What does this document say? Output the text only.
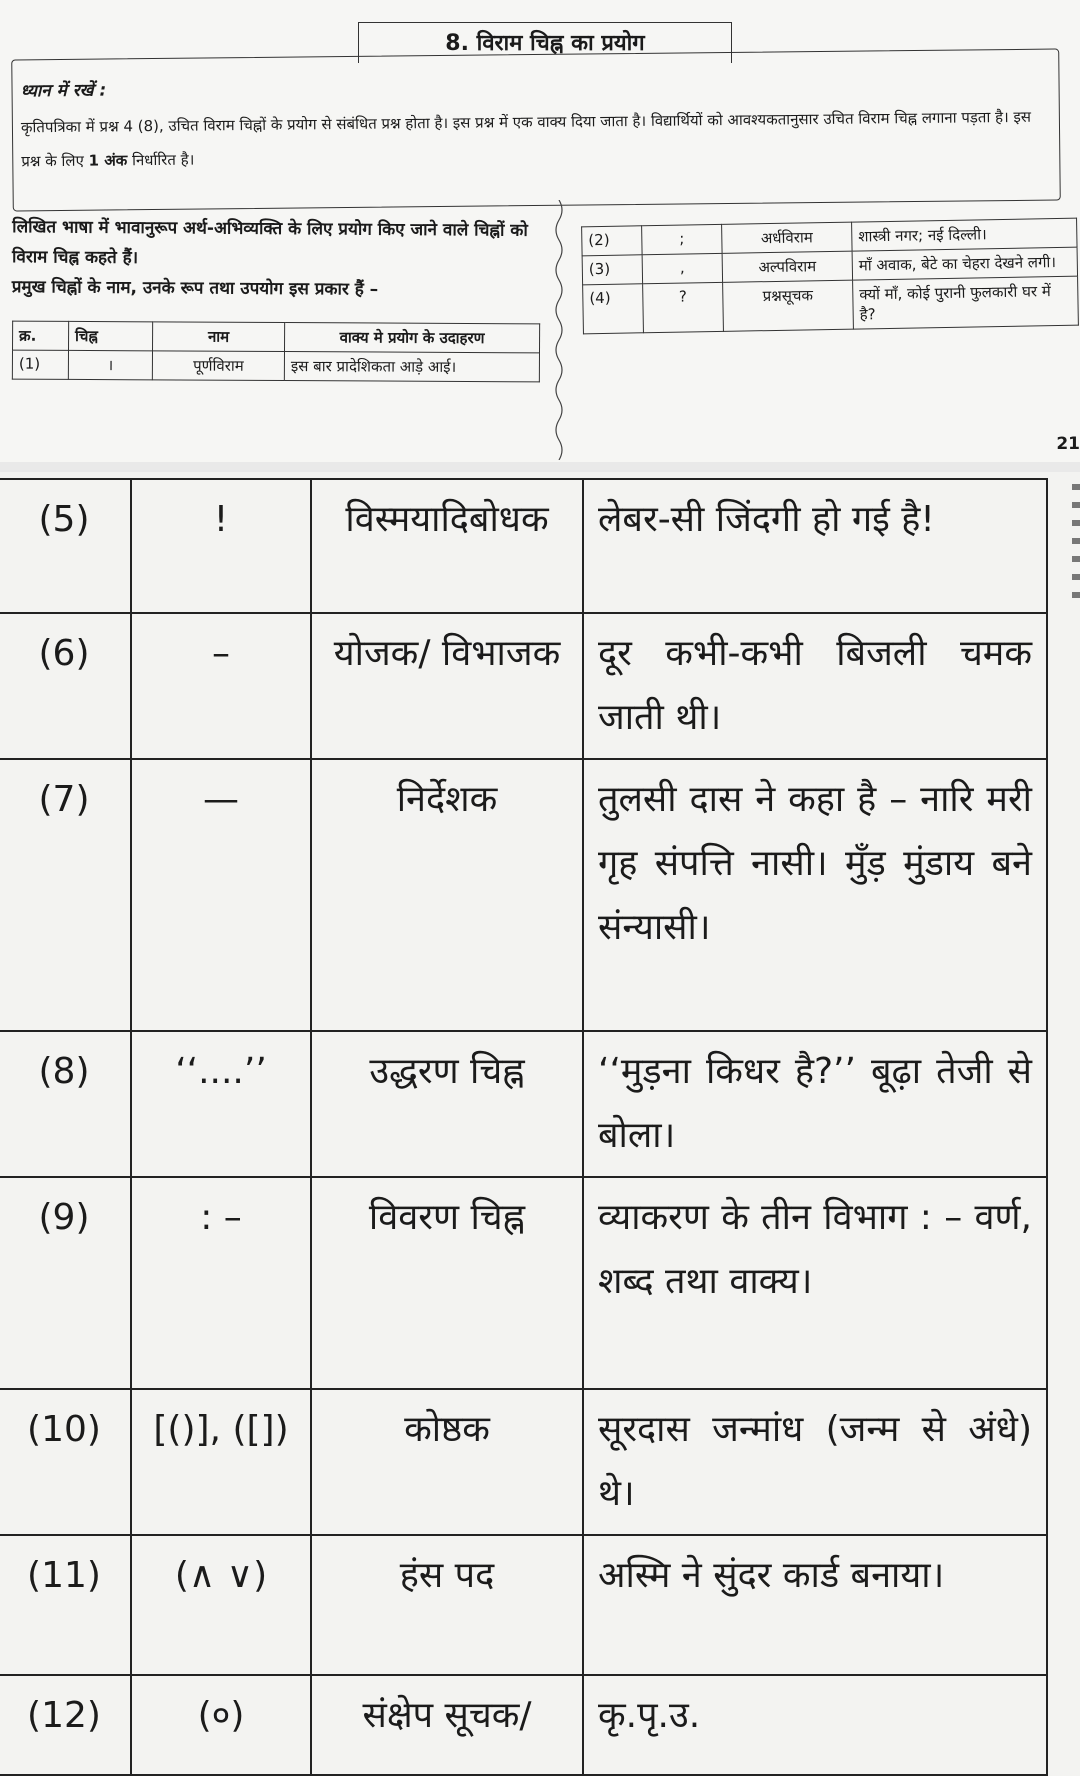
8. विराम चिह्न का प्रयोग
ध्यान में रखें :
कृतिपत्रिका में प्रश्न 4 (8), उचित विराम चिह्नों के प्रयोग से संबंधित प्रश्न होता है। इस प्रश्न में एक वाक्य दिया जाता है। विद्यार्थियों को आवश्यकतानुसार उचित विराम चिह्न लगाना पड़ता है। इस प्रश्न के लिए 1 अंक निर्धारित है।

लिखित भाषा में भावानुरूप अर्थ-अभिव्यक्ति के लिए प्रयोग किए जाने वाले चिह्नों को विराम चिह्न कहते हैं।

प्रमुख चिह्नों के नाम, उनके रूप तथा उपयोग इस प्रकार हैं –

क्र.	चिह्न	नाम	वाक्य मे प्रयोग के उदाहरण
(1)	।	पूर्णविराम	इस बार प्रादेशिकता आड़े आई।
(2)	;	अर्धविराम	शास्त्री नगर; नई दिल्ली।
(3)	,	अल्पविराम	माँ अवाक, बेटे का चेहरा देखने लगी।
(4)	?	प्रश्नसूचक	क्यों माँ, कोई पुरानी फुलकारी घर में है?
21
(5)	!	विस्मयादिबोधक	लेबर-सी जिंदगी हो गई है!
(6)	–	योजक/ विभाजक	दूर कभी-कभी बिजली चमक जाती थी।
(7)	—	निर्देशक	तुलसी दास ने कहा है – नारि मरी गृह संपत्ति नासी। मुँड़ मुंडाय बने संन्यासी।
(8)	‘‘....’’	उद्धरण चिह्न	‘‘मुड़ना किधर है?’’ बूढ़ा तेजी से बोला।
(9)	: –	विवरण चिह्न	व्याकरण के तीन विभाग : – वर्ण, शब्द तथा वाक्य।
(10)	[()], ([])	कोष्ठक	सूरदास जन्मांध (जन्म से अंधे) थे।
(11)	(∧ ∨)	हंस पद	अस्मि ने सुंदर कार्ड बनाया।
(12)	(०)	संक्षेप सूचक/	कृ.पृ.उ.
